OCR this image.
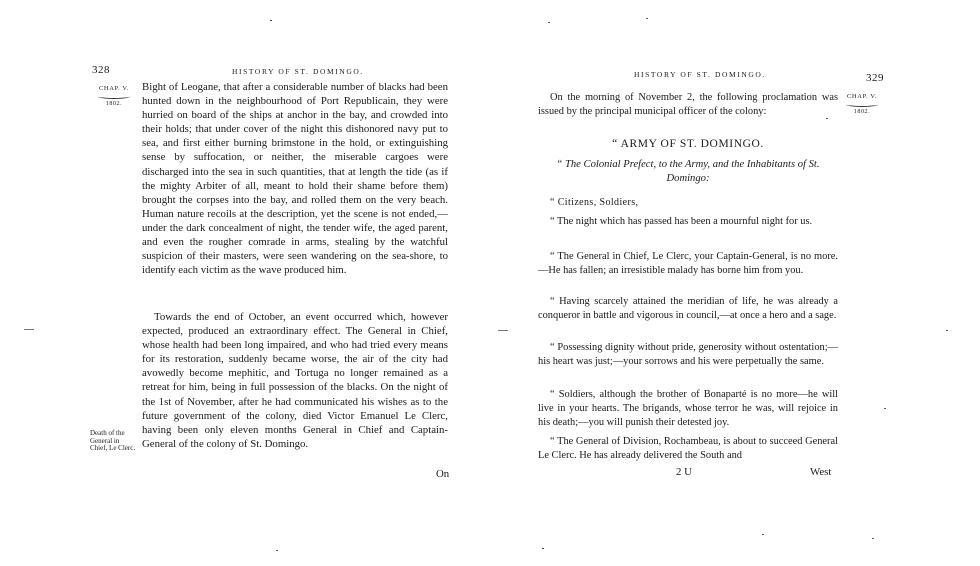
328	HISTORY OF ST. DOMINGO.
CHAP. V.
1802.

Bight of Leogane, that after a considerable number of blacks had been hunted down in the neighbourhood of Port Republicain, they were hurried on board of the ships at anchor in the bay, and crowded into their holds; that under cover of the night this dishonored navy put to sea, and first either burning brimstone in the hold, or extinguishing sense by suffocation, or neither, the miserable cargoes were discharged into the sea in such quantities, that at length the tide (as if the mighty Arbiter of all, meant to hold their shame before them) brought the corpses into the bay, and rolled them on the very beach. Human nature recoils at the description, yet the scene is not ended,—under the dark concealment of night, the tender wife, the aged parent, and even the rougher comrade in arms, stealing by the watchful suspicion of their masters, were seen wandering on the sea-shore, to identify each victim as the wave produced him.

Towards the end of October, an event occurred which, however expected, produced an extraordinary effect. The General in Chief, whose health had been long impaired, and who had tried every means for its restoration, suddenly became worse, the air of the city had avowedly become mephitic, and Tortuga no longer remained as a retreat for him, being in full possession of the blacks. On the night of the 1st of November, after he had communicated his wishes as to the future government of the colony, died Victor Emanuel Le Clerc, having been only eleven months General in Chief and Captain-General of the colony of St. Domingo.

Death of the General in Chief, Le Clerc.
On
HISTORY OF ST. DOMINGO.	329
CHAP. V.
1802.

On the morning of November 2, the following proclamation was issued by the principal municipal officer of the colony:

“ ARMY OF ST. DOMINGO.
“ The Colonial Prefect, to the Army, and the Inhabitants of St. Domingo:
“ Citizens, Soldiers,

“ The night which has passed has been a mournful night for us.

“ The General in Chief, Le Clerc, your Captain-General, is no more.—He has fallen; an irresistible malady has borne him from you.

“ Having scarcely attained the meridian of life, he was already a conqueror in battle and vigorous in council,—at once a hero and a sage.

“ Possessing dignity without pride, generosity without ostentation;—his heart was just;—your sorrows and his were perpetually the same.

“ Soldiers, although the brother of Bonaparté is no more—he will live in your hearts. The brigands, whose terror he was, will rejoice in his death;—you will punish their detested joy.

“ The General of Division, Rochambeau, is about to succeed General Le Clerc. He has already delivered the South and

2 U	West
